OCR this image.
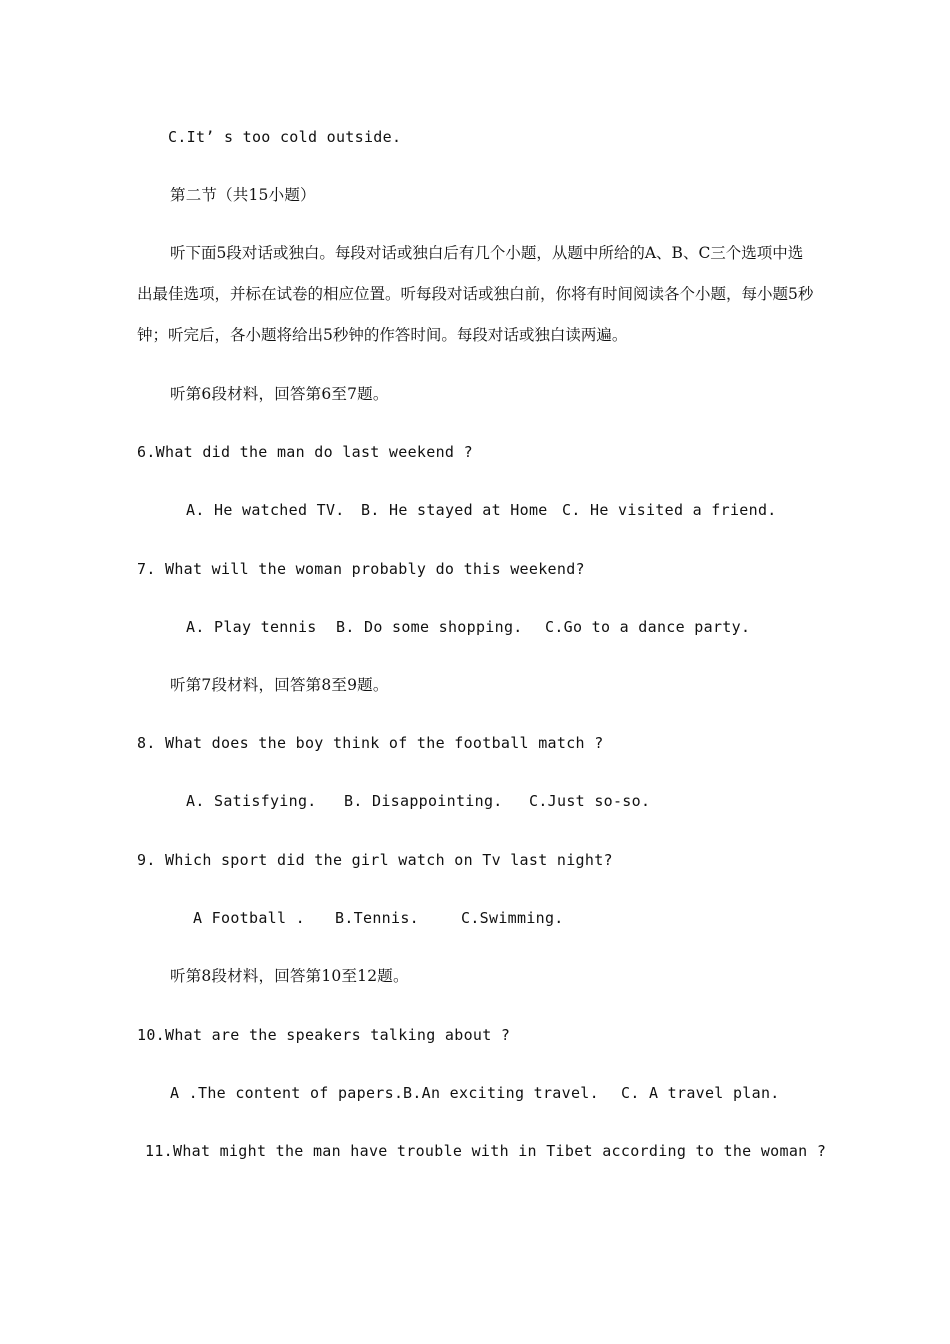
C.It’ s too cold outside.
第二节（共15小题）
听下面5段对话或独白。每段对话或独白后有几个小题，从题中所给的A、B、C三个选项中选出最佳选项，并标在试卷的相应位置。听每段对话或独白前，你将有时间阅读各个小题，每小题5秒钟；听完后，各小题将给出5秒钟的作答时间。每段对话或独白读两遍。
听第6段材料，回答第6至7题。
6.What did the man do last weekend ?
A. He watched TV. B. He stayed at Home C. He visited a friend.
7. What will the woman probably do this weekend?
A. Play tennis B. Do some shopping. C.Go to a dance party.
听第7段材料，回答第8至9题。
8. What does the boy think of the football match ?
A. Satisfying. B. Disappointing. C.Just so-so.
9. Which sport did the girl watch on Tv last night?
A Football . B.Tennis.	C.Swimming.
听第8段材料，回答第10至12题。
10.What are the speakers talking about ?
A .The content of papers. B.An exciting travel. C. A travel plan.
11.What might the man have trouble with in Tibet according to the woman ?
